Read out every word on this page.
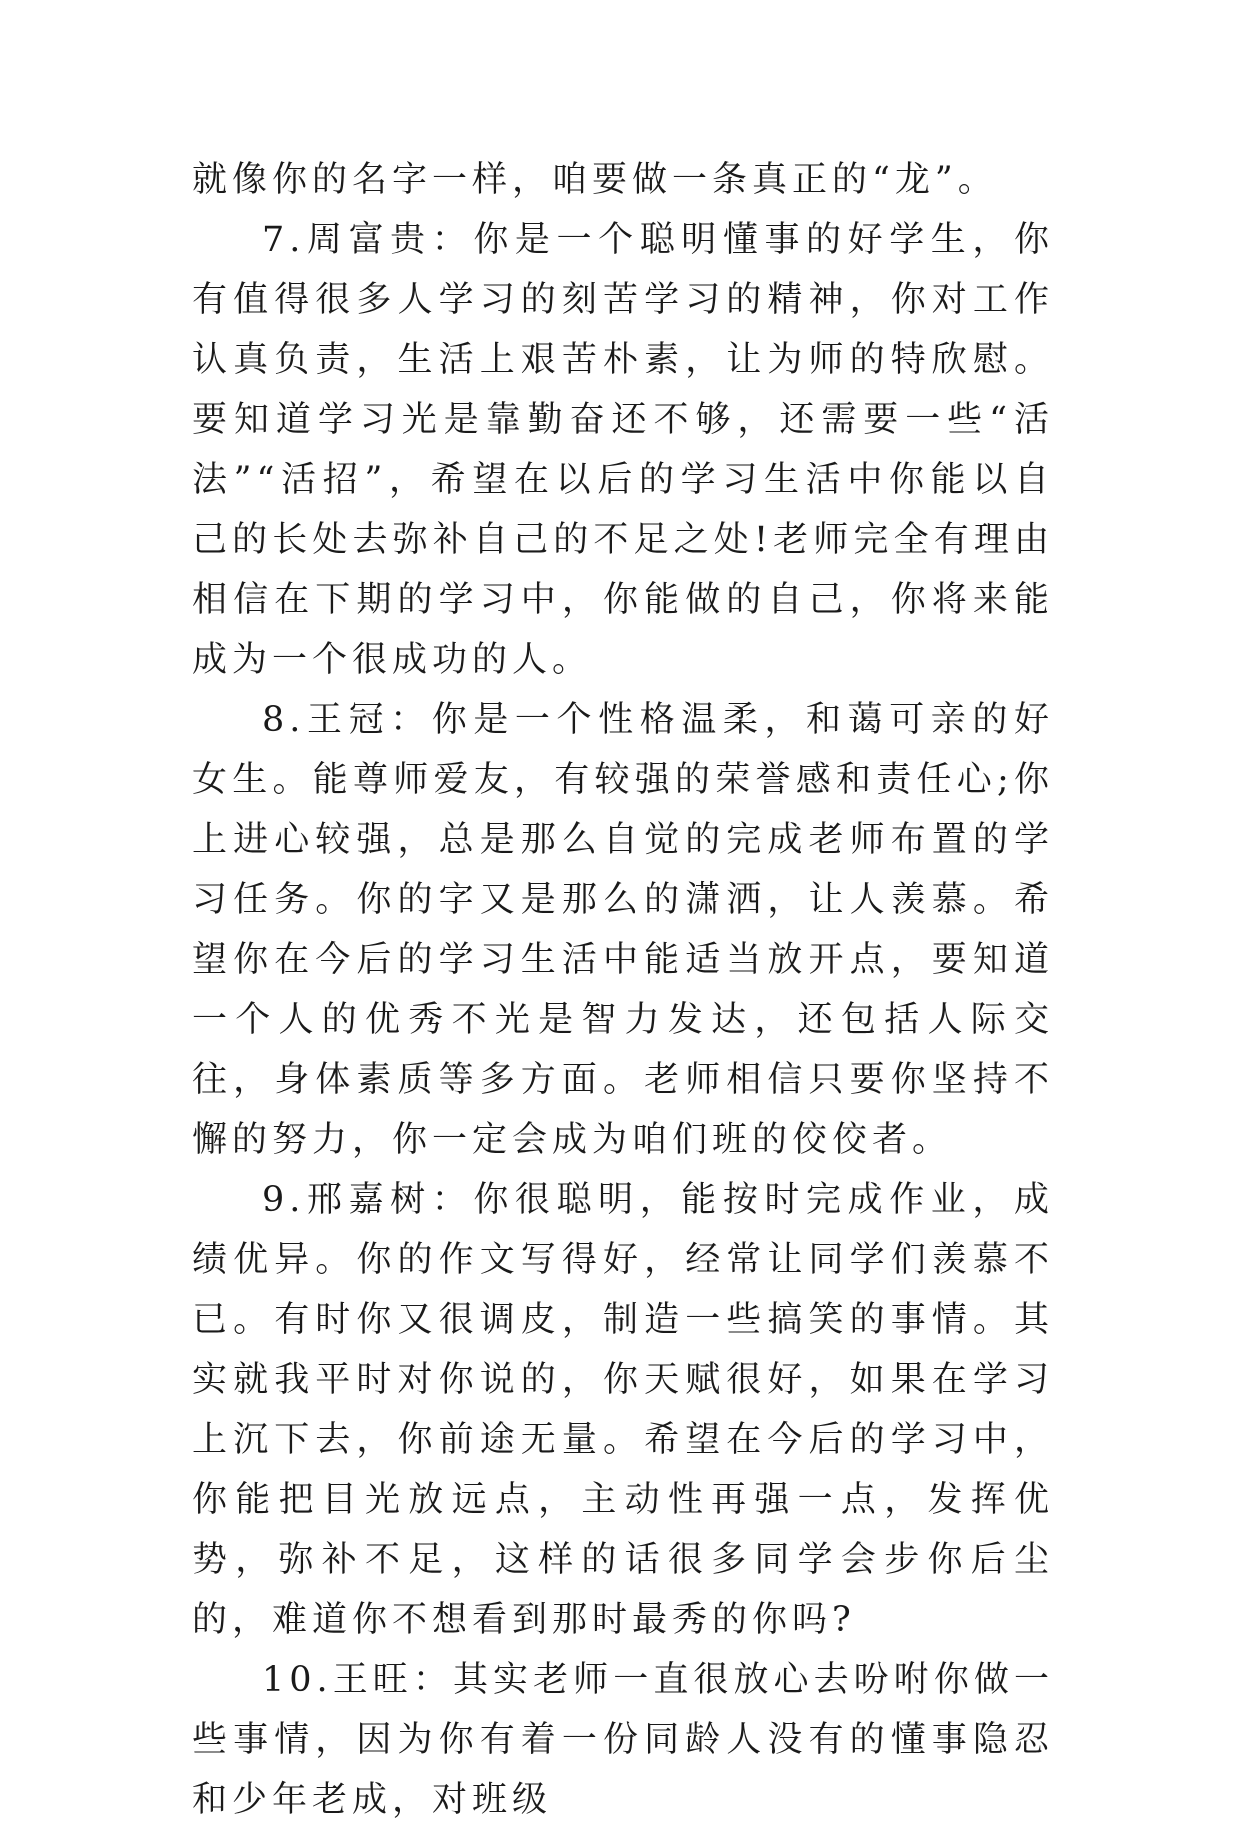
就像你的名字一样，咱要做一条真正的“龙”。

7.周富贵：你是一个聪明懂事的好学生，你有值得很多人学习的刻苦学习的精神，你对工作认真负责，生活上艰苦朴素，让为师的特欣慰。要知道学习光是靠勤奋还不够，还需要一些“活法”“活招”，希望在以后的学习生活中你能以自己的长处去弥补自己的不足之处!老师完全有理由相信在下期的学习中，你能做的自己，你将来能成为一个很成功的人。

8.王冠：你是一个性格温柔，和蔼可亲的好女生。能尊师爱友，有较强的荣誉感和责任心;你上进心较强，总是那么自觉的完成老师布置的学习任务。你的字又是那么的潇洒，让人羡慕。希望你在今后的学习生活中能适当放开点，要知道一个人的优秀不光是智力发达，还包括人际交往，身体素质等多方面。老师相信只要你坚持不懈的努力，你一定会成为咱们班的佼佼者。

9.邢嘉树：你很聪明，能按时完成作业，成绩优异。你的作文写得好，经常让同学们羡慕不已。有时你又很调皮，制造一些搞笑的事情。其实就我平时对你说的，你天赋很好，如果在学习上沉下去，你前途无量。希望在今后的学习中，你能把目光放远点，主动性再强一点，发挥优势，弥补不足，这样的话很多同学会步你后尘的，难道你不想看到那时最秀的你吗?

10.王旺：其实老师一直很放心去吩咐你做一些事情，因为你有着一份同龄人没有的懂事隐忍和少年老成，对班级
